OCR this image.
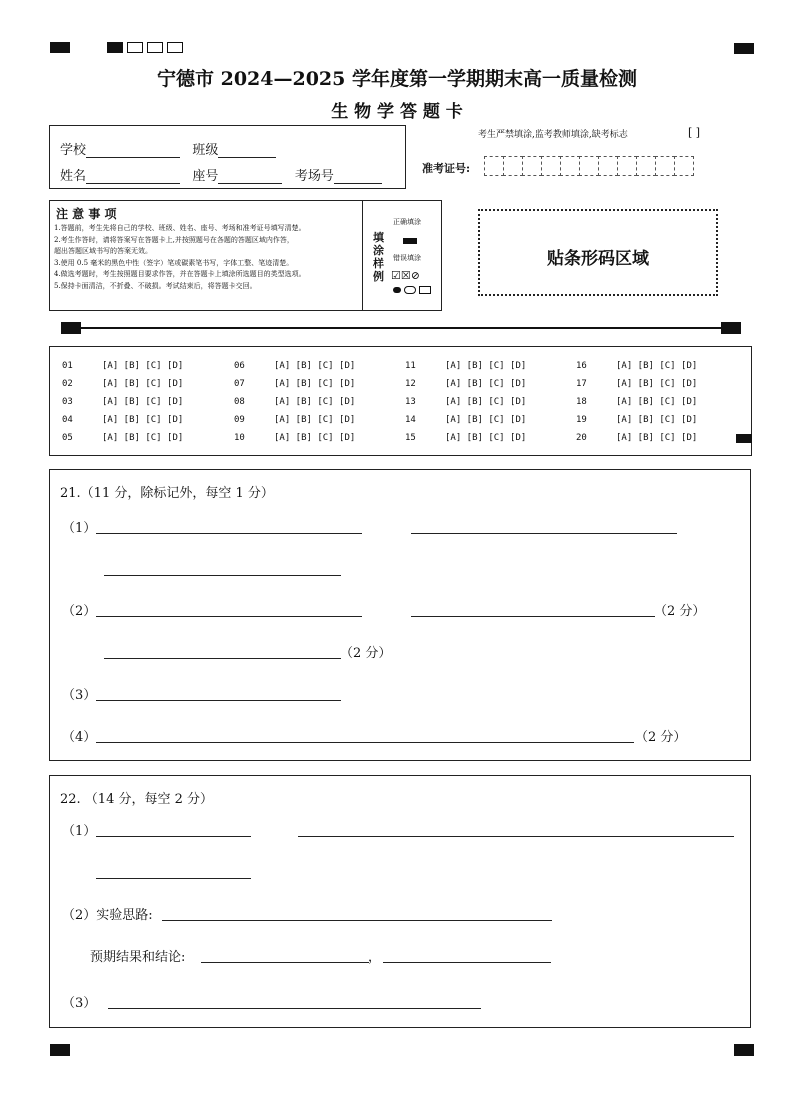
宁德市 2024—2025 学年度第一学期期末高一质量检测
生 物 学 答 题 卡
学校	班级
姓名	座号	考场号
考生严禁填涂,监考教师填涂,缺考标志	[ ]
准考证号:
注 意 事 项
1.答题前，考生先将自己的学校、班级、姓名、座号、考场和准考证号填写清楚。
2.考生作答时，请将答案写在答题卡上,并按照题号在各题的答题区域内作答，
超出答题区域书写的答案无效。
3.使用 0.5 毫米的黑色中性（签字）笔或碳素笔书写，字体工整、笔迹清楚。
4.做选考题时，考生按照题目要求作答，并在答题卡上填涂所选题目的类型选项。
5.保持卡面清洁，不折叠、不破损。考试结束后，将答题卡交回。
填涂样例
正确填涂
错误填涂
☑☒⊘
贴条形码区域
01	[A] [B] [C] [D]
02	[A] [B] [C] [D]
03	[A] [B] [C] [D]
04	[A] [B] [C] [D]
05	[A] [B] [C] [D]
06	[A] [B] [C] [D]
07	[A] [B] [C] [D]
08	[A] [B] [C] [D]
09	[A] [B] [C] [D]
10	[A] [B] [C] [D]
11	[A] [B] [C] [D]
12	[A] [B] [C] [D]
13	[A] [B] [C] [D]
14	[A] [B] [C] [D]
15	[A] [B] [C] [D]
16	[A] [B] [C] [D]
17	[A] [B] [C] [D]
18	[A] [B] [C] [D]
19	[A] [B] [C] [D]
20	[A] [B] [C] [D]
21.（11 分，除标记外，每空 1 分）
（1）
（2）	（2 分）
（2 分）
（3）
（4）	（2 分）
22. （14 分，每空 2 分）
（1）
（2）实验思路:
预期结果和结论:	，
（3）
